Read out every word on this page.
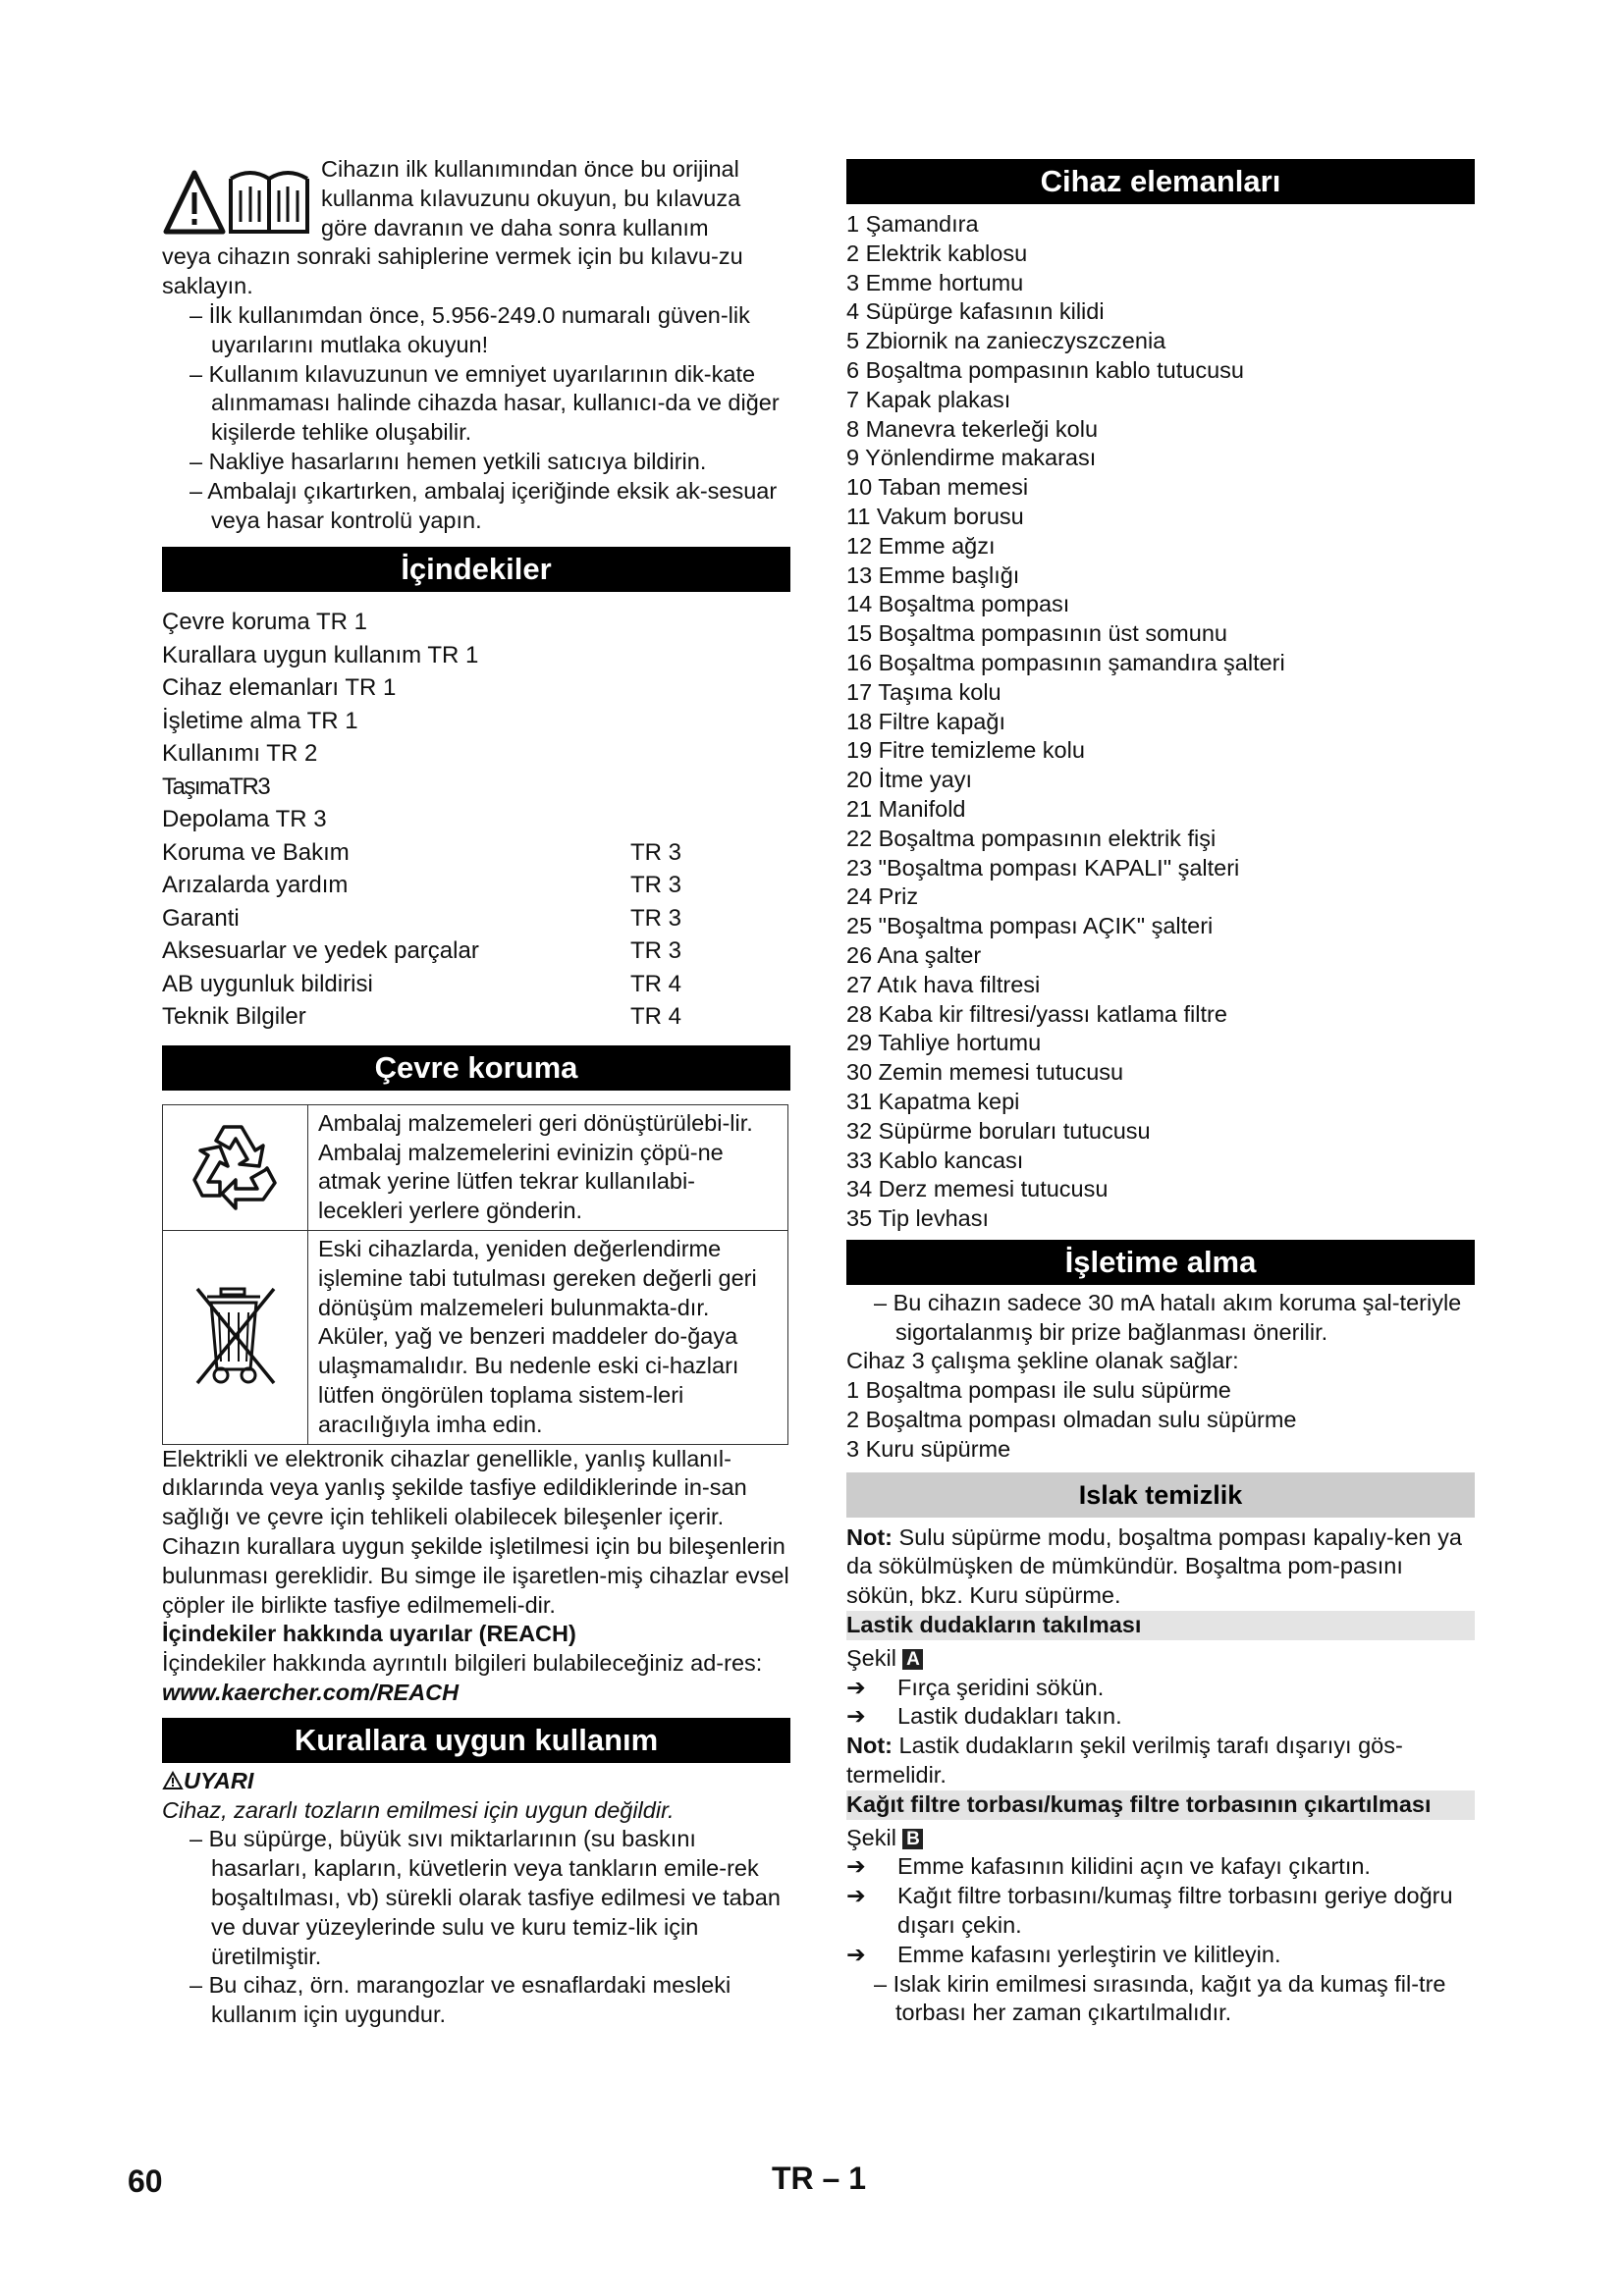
Cihazın ilk kullanımından önce bu orijinal

kullanma kılavuzunu okuyun, bu kılavuza

göre davranın ve daha sonra kullanım

veya cihazın sonraki sahiplerine vermek için bu kılavu-zu saklayın.

– İlk kullanımdan önce, 5.956-249.0 numaralı güven-lik uyarılarını mutlaka okuyun!

– Kullanım kılavuzunun ve emniyet uyarılarının dik-kate alınmaması halinde cihazda hasar, kullanıcı-da ve diğer kişilerde tehlike oluşabilir.

– Nakliye hasarlarını hemen yetkili satıcıya bildirin.

– Ambalajı çıkartırken, ambalaj içeriğinde eksik ak-sesuar veya hasar kontrolü yapın.

İçindekiler
Çevre koruma TR 1
Kurallara uygun kullanım TR 1
Cihaz elemanları TR 1
İşletime alma TR 1
Kullanımı TR 2
TaşımaTR3
Depolama TR 3
Koruma ve Bakım	TR 3
Arızalarda yardım	TR 3
Garanti	TR 3
Aksesuarlar ve yedek parçalar	TR 3
AB uygunluk bildirisi	TR 4
Teknik Bilgiler	TR 4
Çevre koruma
	Ambalaj malzemeleri geri dönüştürülebi-lir. Ambalaj malzemelerini evinizin çöpü-ne atmak yerine lütfen tekrar kullanılabi-lecekleri yerlere gönderin.
	Eski cihazlarda, yeniden değerlendirme işlemine tabi tutulması gereken değerli geri dönüşüm malzemeleri bulunmakta-dır. Aküler, yağ ve benzeri maddeler do-ğaya ulaşmamalıdır. Bu nedenle eski ci-hazları lütfen öngörülen toplama sistem-leri aracılığıyla imha edin.

Elektrikli ve elektronik cihazlar genellikle, yanlış kullanıl-dıklarında veya yanlış şekilde tasfiye edildiklerinde in-san sağlığı ve çevre için tehlikeli olabilecek bileşenler içerir. Cihazın kurallara uygun şekilde işletilmesi için bu bileşenlerin bulunması gereklidir. Bu simge ile işaretlen-miş cihazlar evsel çöpler ile birlikte tasfiye edilmemeli-dir.

İçindekiler hakkında uyarılar (REACH)

İçindekiler hakkında ayrıntılı bilgileri bulabileceğiniz ad-res:

www.kaercher.com/REACH

Kurallara uygun kullanım

UYARI

Cihaz, zararlı tozların emilmesi için uygun değildir.

– Bu süpürge, büyük sıvı miktarlarının (su baskını hasarları, kapların, küvetlerin veya tankların emile-rek boşaltılması, vb) sürekli olarak tasfiye edilmesi ve taban ve duvar yüzeylerinde sulu ve kuru temiz-lik için üretilmiştir.

– Bu cihaz, örn. marangozlar ve esnaflardaki mesleki kullanım için uygundur.

Cihaz elemanları

1 Şamandıra

2 Elektrik kablosu

3 Emme hortumu

4 Süpürge kafasının kilidi

5 Zbiornik na zanieczyszczenia

6 Boşaltma pompasının kablo tutucusu

7 Kapak plakası

8 Manevra tekerleği kolu

9 Yönlendirme makarası

10 Taban memesi

11 Vakum borusu

12 Emme ağzı

13 Emme başlığı

14 Boşaltma pompası

15 Boşaltma pompasının üst somunu

16 Boşaltma pompasının şamandıra şalteri

17 Taşıma kolu

18 Filtre kapağı

19 Fitre temizleme kolu

20 İtme yayı

21 Manifold

22 Boşaltma pompasının elektrik fişi

23 "Boşaltma pompası KAPALI" şalteri

24 Priz

25 "Boşaltma pompası AÇIK" şalteri

26 Ana şalter

27 Atık hava filtresi

28 Kaba kir filtresi/yassı katlama filtre

29 Tahliye hortumu

30 Zemin memesi tutucusu

31 Kapatma kepi

32 Süpürme boruları tutucusu

33 Kablo kancası

34 Derz memesi tutucusu

35 Tip levhası

İşletime alma

– Bu cihazın sadece 30 mA hatalı akım koruma şal-teriyle sigortalanmış bir prize bağlanması önerilir.

Cihaz 3 çalışma şekline olanak sağlar:

1 Boşaltma pompası ile sulu süpürme

2 Boşaltma pompası olmadan sulu süpürme

3 Kuru süpürme

Islak temizlik

Not: Sulu süpürme modu, boşaltma pompası kapalıy-ken ya da sökülmüşken de mümkündür. Boşaltma pom-pasını sökün, bkz. Kuru süpürme.

Lastik dudakların takılması

Şekil A

➔ Fırça şeridini sökün.

➔ Lastik dudakları takın.

Not: Lastik dudakların şekil verilmiş tarafı dışarıyı gös-termelidir.

Kağıt filtre torbası/kumaş filtre torbasının çıkartılması

Şekil B

➔ Emme kafasının kilidini açın ve kafayı çıkartın.

➔ Kağıt filtre torbasını/kumaş filtre torbasını geriye doğru dışarı çekin.

➔ Emme kafasını yerleştirin ve kilitleyin.

– Islak kirin emilmesi sırasında, kağıt ya da kumaş fil-tre torbası her zaman çıkartılmalıdır.

60	TR – 1
